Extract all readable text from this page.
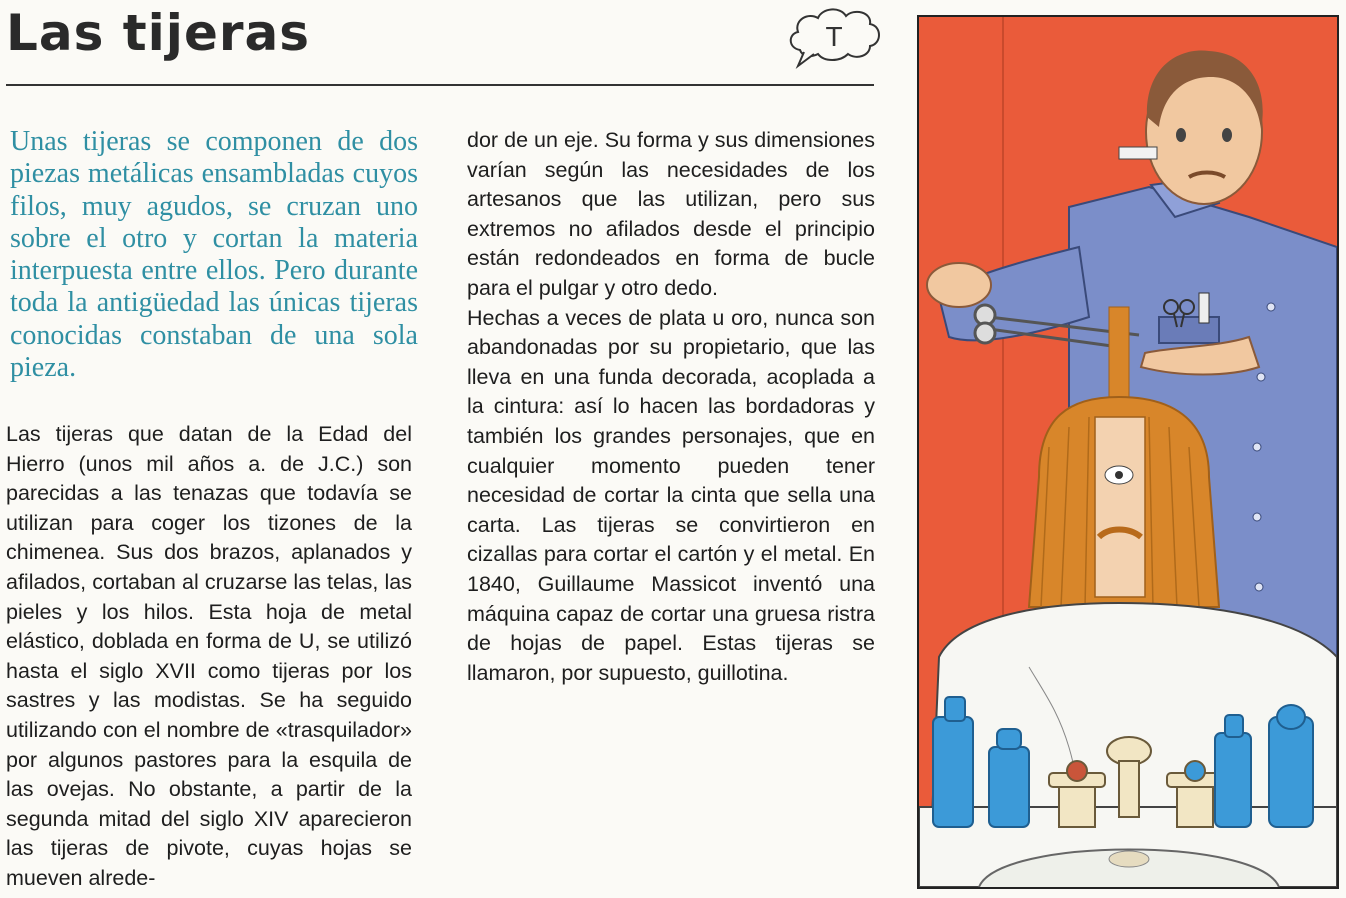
Las tijeras	T

Unas tijeras se componen de dos piezas metálicas ensambladas cuyos filos, muy agudos, se cruzan uno sobre el otro y cortan la materia interpuesta entre ellos. Pero durante toda la antigüedad las únicas tijeras conocidas constaban de una sola pieza.

Las tijeras que datan de la Edad del Hierro (unos mil años a. de J.C.) son parecidas a las tenazas que todavía se utilizan para coger los tizones de la chimenea. Sus dos brazos, aplanados y afilados, cortaban al cruzarse las telas, las pieles y los hilos. Esta hoja de metal elástico, doblada en forma de U, se utilizó hasta el siglo XVII como tijeras por los sastres y las modistas. Se ha seguido utilizando con el nombre de «trasquilador» por algunos pastores para la esquila de las ovejas. No obstante, a partir de la segunda mitad del siglo XIV aparecieron las tijeras de pivote, cuyas hojas se mueven alrede-

dor de un eje. Su forma y sus dimensiones varían según las necesidades de los artesanos que las utilizan, pero sus extremos no afilados desde el principio están redondeados en forma de bucle para el pulgar y otro dedo.
Hechas a veces de plata u oro, nunca son abandonadas por su propietario, que las lleva en una funda decorada, acoplada a la cintura: así lo hacen las bordadoras y también los grandes personajes, que en cualquier momento pueden tener necesidad de cortar la cinta que sella una carta. Las tijeras se convirtieron en cizallas para cortar el cartón y el metal. En 1840, Guillaume Massicot inventó una máquina capaz de cortar una gruesa ristra de hojas de papel. Estas tijeras se llamaron, por supuesto, guillotina.
